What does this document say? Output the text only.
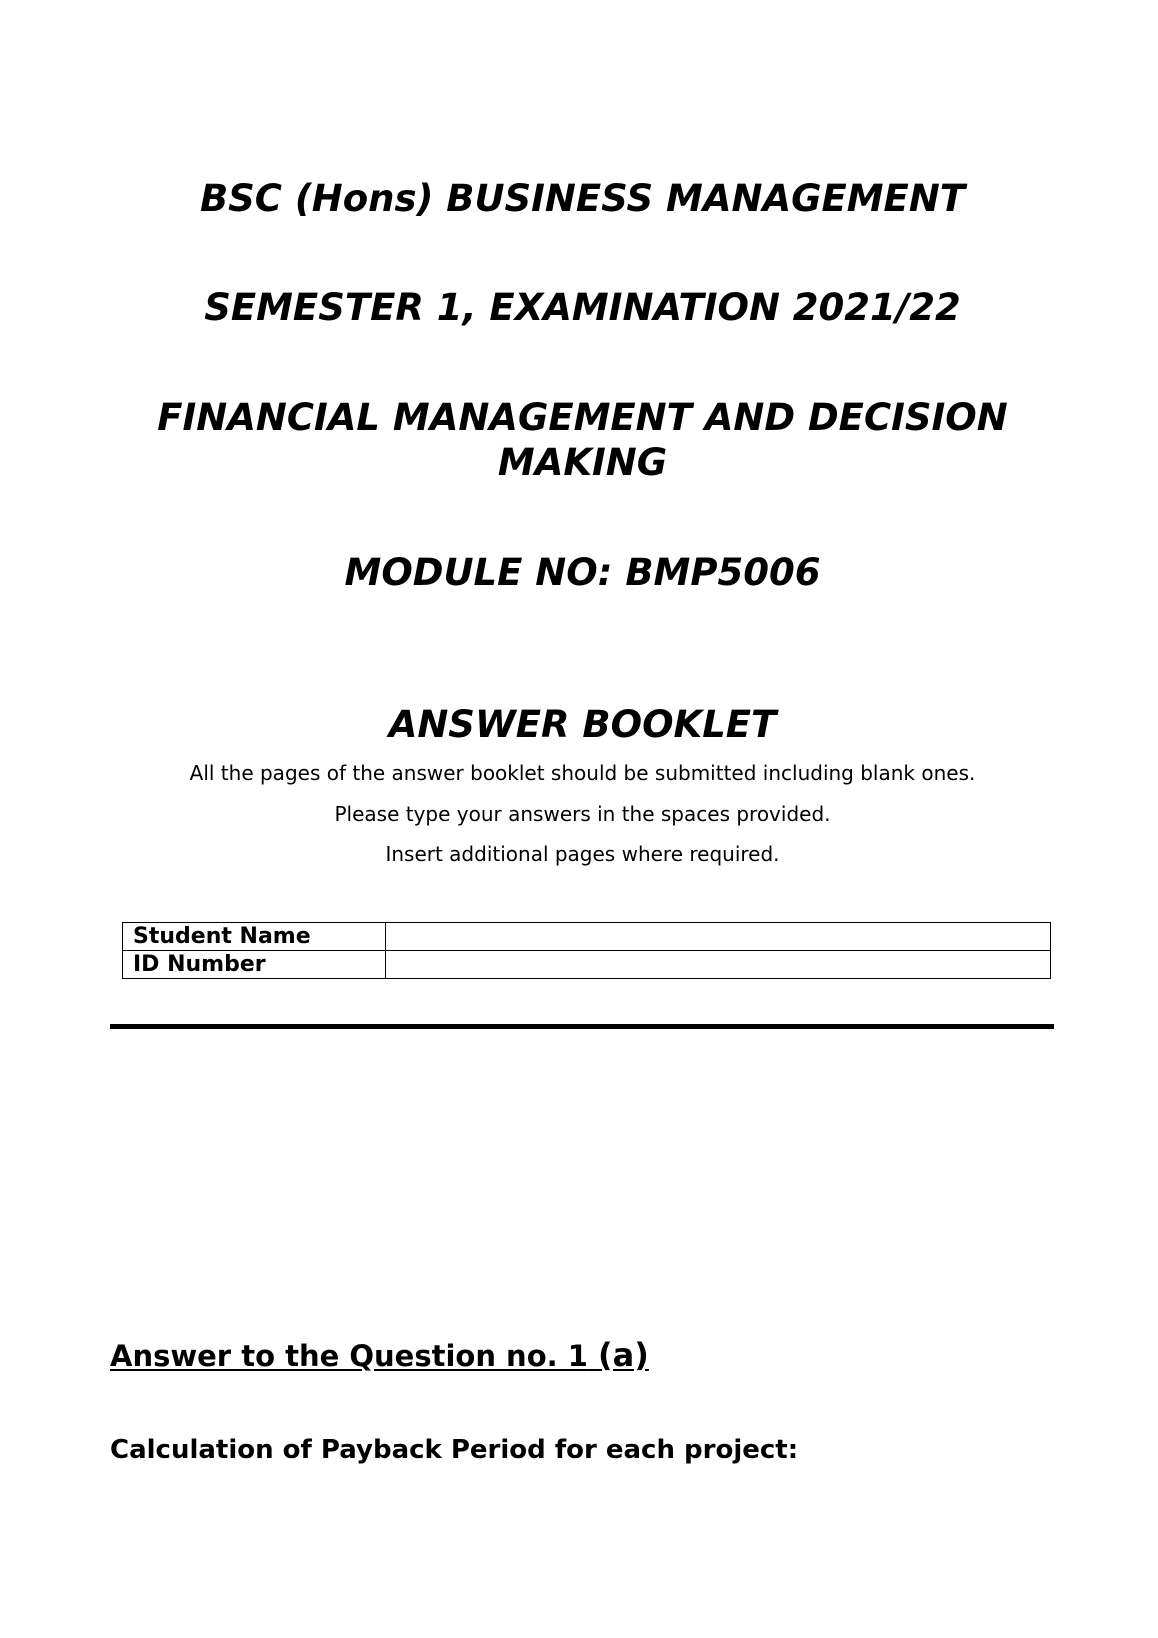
BSC (Hons) BUSINESS MANAGEMENT
SEMESTER 1, EXAMINATION 2021/22
FINANCIAL MANAGEMENT AND DECISION MAKING
MODULE NO: BMP5006
ANSWER BOOKLET

All the pages of the answer booklet should be submitted including blank ones.

Please type your answers in the spaces provided.

Insert additional pages where required.

Student Name	
ID Number	
Answer to the Question no. 1 (a)
Calculation of Payback Period for each project:
